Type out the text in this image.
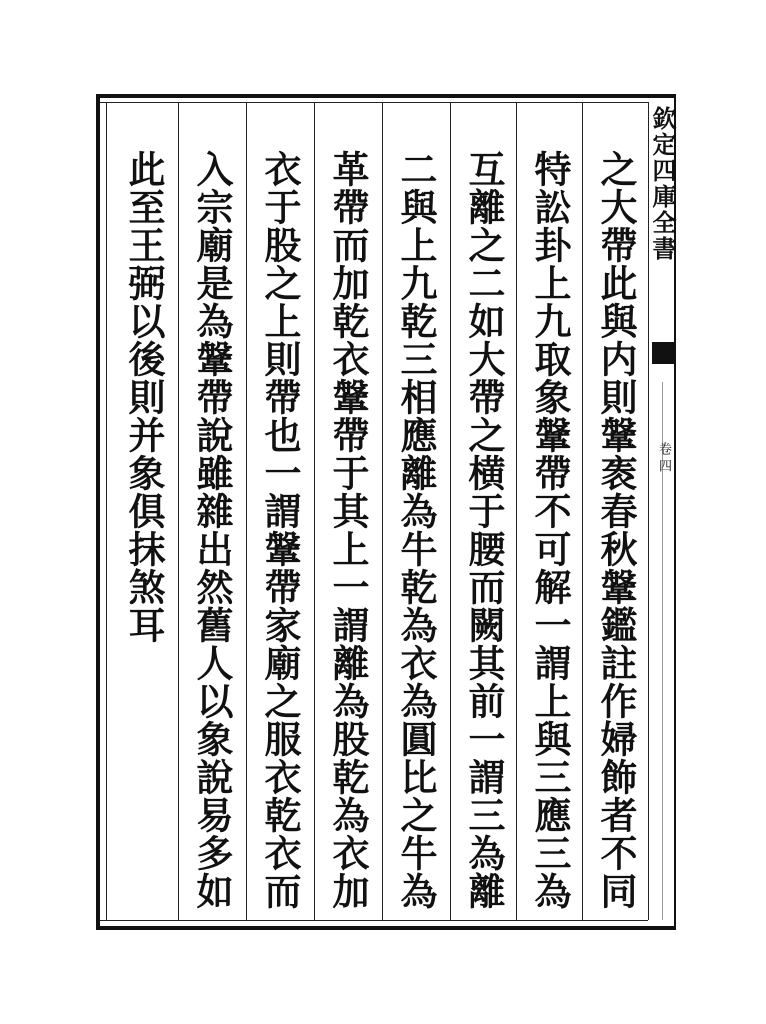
欽定四庫全書
卷四
之大帶此與内則鞶袠春秋鞶鑑註作婦飾者不同
特訟卦上九取象鞶帶不可解一謂上與三應三為
互離之二如大帶之横于腰而闕其前一謂三為離
二與上九乾三相應離為牛乾為衣為圓比之牛為
革帶而加乾衣鞶帶于其上一謂離為股乾為衣加
衣于股之上則帶也一謂鞶帶家廟之服衣乾衣而
入宗廟是為鞶帶說雖雜出然舊人以象說易多如
此至王弼以後則并象俱抹煞耳
